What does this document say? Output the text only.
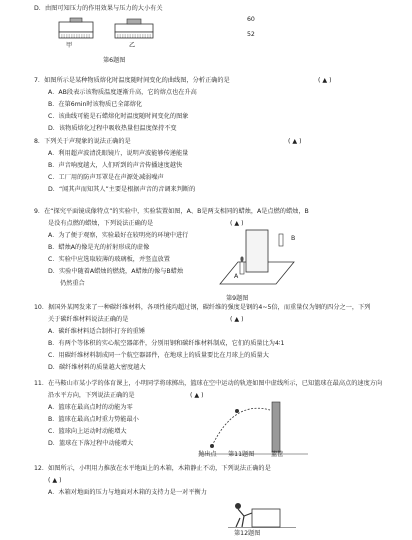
D．由图可知压力的作用效果与压力的大小有关
甲	乙
60
52
第6题图
7．如图所示是某种物质熔化时温度随时间变化的曲线图，分析正确的是	( ▲ )
A．AB段表示该物质温度逐渐升高，它的熔点也在升高
B．在第6min时该物质已全部熔化
C．该曲线可能是石蜡熔化时温度随时间变化的图象
D．该物质熔化过程中吸收热量但温度保持不变
8．下列关于声现象的说法正确的是	( ▲ )
A．利用超声波清洗眼镜片，说明声波能够传递能量
B．声音响度越大，人们听到的声音传播速度越快
C．工厂用的防声耳罩是在声源处减弱噪声
D．“闻其声而知其人”主要是根据声音的音调来判断的
9．在“探究平面镜成像特点”的实验中，实验装置如图，A、B是两支相同的蜡烛，A是点燃的蜡烛，B
是没有点燃的蜡烛，下列说法正确的是	( ▲ )
A．为了便于观察，实验最好在较明亮的环境中进行
B．蜡烛A的像是光的折射形成的虚像
C．实验中应选取较薄的玻璃板，并竖直放置
D．实验中随着A蜡烛的燃烧，A蜡烛的像与B蜡烛
仍然重合
A
B
第9题图
10．据国外某网发来了一种碳纤维材料，各项性能均超过钢，碳纤维的强度是钢的4~5倍，而重量仅为钢的四分之一，下列
关于碳纤维材料说法正确的是	( ▲ )
A．碳纤维材料适合制作打夯的重锤
B．有两个等体积的实心航空器部件，分别用钢和碳纤维材料制成，它们的质量比为4∶1
C．用碳纤维材料制成同一个航空器部件，在地球上的质量要比在月球上的质量大
D．碳纤维材料的质量越大密度越大
11．在马鞍山市某小学的体育课上，小明同学将球掷出，篮球在空中运动的轨迹如图中虚线所示，已知篮球在最高点的速度方向
沿水平方向，下列说法正确的是	( ▲ )
A．篮球在最高点时的动能为零
B．篮球在最高点时重力势能最小
C．篮球向上运动时动能增大
D．篮球在下落过程中动能增大
抛出点	篮筐
第11题图
12．如图所示，小明用力推放在水平地面上的木箱，木箱静止不动，下列说法正确的是
( ▲ )
A．木箱对地面的压力与地面对木箱的支持力是一对平衡力
第12题图
